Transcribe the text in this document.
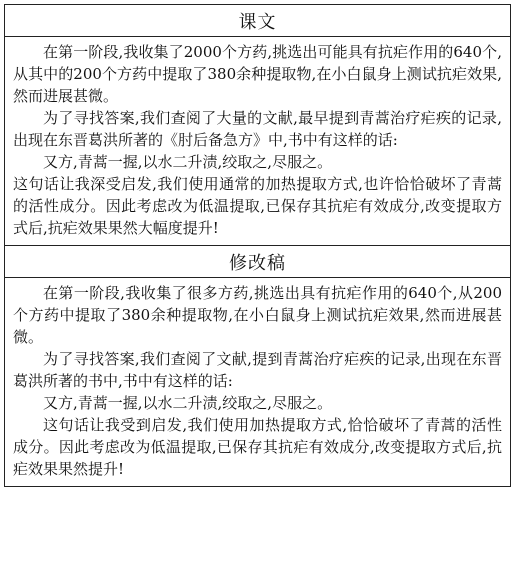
课文

在第一阶段,我收集了2000个方药,挑选出可能具有抗疟作用的640个,从其中的200个方药中提取了380余种提取物,在小白鼠身上测试抗疟效果,然而进展甚微。

为了寻找答案,我们查阅了大量的文献,最早提到青蒿治疗疟疾的记录,出现在东晋葛洪所著的《肘后备急方》中,书中有这样的话:

又方,青蒿一握,以水二升渍,绞取之,尽服之。

这句话让我深受启发,我们使用通常的加热提取方式,也许恰恰破坏了青蒿的活性成分。因此考虑改为低温提取,已保存其抗疟有效成分,改变提取方式后,抗疟效果果然大幅度提升!

修改稿

在第一阶段,我收集了很多方药,挑选出具有抗疟作用的640个,从200个方药中提取了380余种提取物,在小白鼠身上测试抗疟效果,然而进展甚微。

为了寻找答案,我们查阅了文献,提到青蒿治疗疟疾的记录,出现在东晋葛洪所著的书中,书中有这样的话:

又方,青蒿一握,以水二升渍,绞取之,尽服之。

这句话让我受到启发,我们使用加热提取方式,恰恰破坏了青蒿的活性成分。因此考虑改为低温提取,已保存其抗疟有效成分,改变提取方式后,抗疟效果果然提升!
